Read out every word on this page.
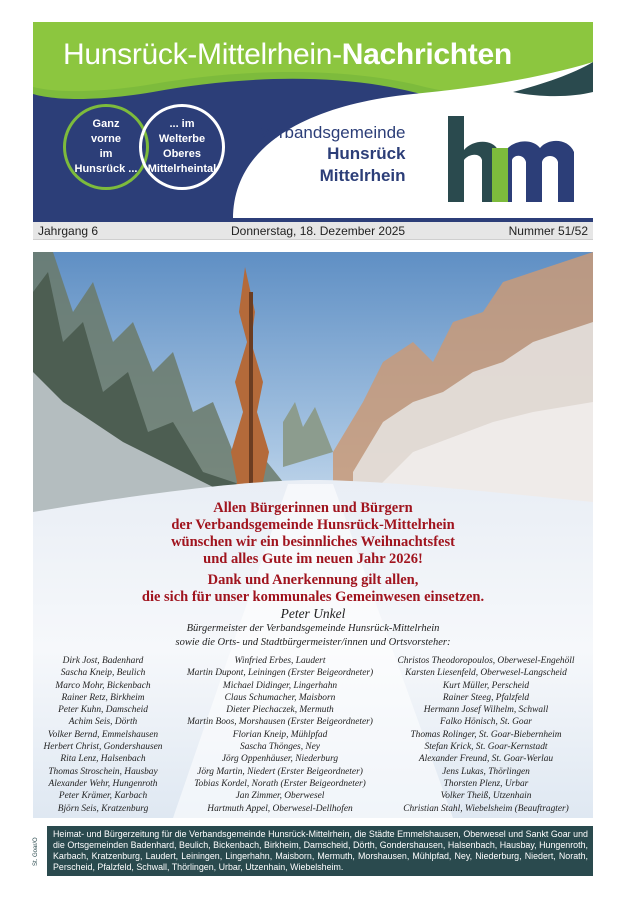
Hunsrück-Mittelrhein-Nachrichten
Ganz
vorne
im
Hunsrück ...
... im
Welterbe
Oberes
Mittelrheintal
Verbandsgemeinde
Hunsrück
Mittelrhein
Jahrgang 6	Donnerstag, 18. Dezember 2025	Nummer 51/52
Allen Bürgerinnen und Bürgern
der Verbandsgemeinde Hunsrück-Mittelrhein
wünschen wir ein besinnliches Weihnachtsfest
und alles Gute im neuen Jahr 2026!
Dank und Anerkennung gilt allen,
die sich für unser kommunales Gemeinwesen einsetzen.
Peter Unkel
Bürgermeister der Verbandsgemeinde Hunsrück-Mittelrhein
sowie die Orts- und Stadtbürgermeister/innen und Ortsvorsteher:
Dirk Jost, Badenhard
Sascha Kneip, Beulich
Marco Mohr, Bickenbach
Rainer Retz, Birkheim
Peter Kuhn, Damscheid
Achim Seis, Dörth
Volker Bernd, Emmelshausen
Herbert Christ, Gondershausen
Rita Lenz, Halsenbach
Thomas Stroschein, Hausbay
Alexander Wehr, Hungenroth
Peter Krämer, Karbach
Björn Seis, Kratzenburg
Winfried Erbes, Laudert
Martin Dupont, Leiningen (Erster Beigeordneter)
Michael Didinger, Lingerhahn
Claus Schumacher, Maisborn
Dieter Piechaczek, Mermuth
Martin Boos, Morshausen (Erster Beigeordneter)
Florian Kneip, Mühlpfad
Sascha Thönges, Ney
Jörg Oppenhäuser, Niederburg
Jörg Martin, Niedert (Erster Beigeordneter)
Tobias Kordel, Norath (Erster Beigeordneter)
Jan Zimmer, Oberwesel
Hartmuth Appel, Oberwesel-Dellhofen
Christos Theodoropoulos, Oberwesel-Engehöll
Karsten Liesenfeld, Oberwesel-Langscheid
Kurt Müller, Perscheid
Rainer Steeg, Pfalzfeld
Hermann Josef Wilhelm, Schwall
Falko Hönisch, St. Goar
Thomas Rolinger, St. Goar-Biebernheim
Stefan Krick, St. Goar-Kernstadt
Alexander Freund, St. Goar-Werlau
Jens Lukas, Thörlingen
Thorsten Plenz, Urbar
Volker Theiß, Utzenhain
Christian Stahl, Wiebelsheim (Beauftragter)
St. Goar/O
Heimat- und Bürgerzeitung für die Verbandsgemeinde Hunsrück-Mittelrhein, die Städte Emmelshausen, Oberwesel und Sankt Goar und die Ortsgemeinden Badenhard, Beulich, Bickenbach, Birkheim, Damscheid, Dörth, Gondershausen, Halsenbach, Hausbay, Hungenroth, Karbach, Kratzenburg, Laudert, Leiningen, Lingerhahn, Maisborn, Mermuth, Morshausen, Mühlpfad, Ney, Niederburg, Niedert, Norath, Perscheid, Pfalzfeld, Schwall, Thörlingen, Urbar, Utzenhain, Wiebelsheim.
